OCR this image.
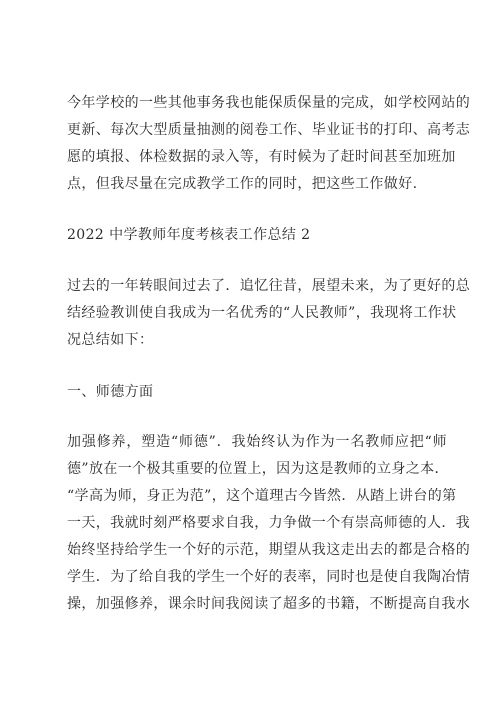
今年学校的一些其他事务我也能保质保量的完成，如学校网站的
更新、每次大型质量抽测的阅卷工作、毕业证书的打印、高考志
愿的填报、体检数据的录入等，有时候为了赶时间甚至加班加
点，但我尽量在完成教学工作的同时，把这些工作做好.
2022 中学教师年度考核表工作总结 2
过去的一年转眼间过去了．追忆往昔，展望未来，为了更好的总
结经验教训使自我成为一名优秀的“人民教师”，我现将工作状
况总结如下：
一、师德方面
加强修养，塑造“师德”．我始终认为作为一名教师应把“师
德”放在一个极其重要的位置上，因为这是教师的立身之本．
“学高为师，身正为范”，这个道理古今皆然．从踏上讲台的第
一天，我就时刻严格要求自我，力争做一个有崇高师德的人．我
始终坚持给学生一个好的示范，期望从我这走出去的都是合格的
学生．为了给自我的学生一个好的表率，同时也是使自我陶冶情
操，加强修养，课余时间我阅读了超多的书籍，不断提高自我水
